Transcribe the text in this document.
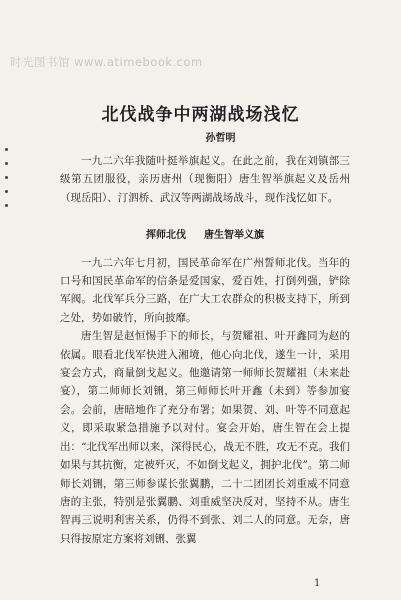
时光图书馆 www.atimebook.com
北伐战争中两湖战场浅忆
孙哲明

一九二六年我随叶挺举旗起义。在此之前，我在刘镇部三级第五团服役，亲历唐州（现衡阳）唐生智举旗起义及岳州（现岳阳）、汀泗桥、武汉等两湖战场战斗，现作浅忆如下。

挥师北伐 唐生智举义旗

一九二六年七月初，国民革命军在广州誓师北伐。当年的口号和国民革命军的信条是爱国家，爱百姓，打倒列强，铲除军阀。北伐军兵分三路，在广大工农群众的积极支持下，所到之处，势如破竹，所向披靡。

唐生智是赵恒惕手下的师长，与贺耀祖、叶开鑫同为赵的依属。眼看北伐军快进入湘境，他心向北伐，遂生一计，采用宴会方式，商量倒戈起义。他邀请第一师师长贺耀祖（未来赴宴），第二师师长刘铏，第三师师长叶开鑫（未到）等参加宴会。会前，唐暗地作了充分布署；如果贺、刘、叶等不同意起义，即采取紧急措施予以对付。宴会开始，唐生智在会上提出：“北伐军出师以来，深得民心，战无不胜，攻无不克。我们如果与其抗衡，定被歼灭，不如倒戈起义，拥护北伐”。第二师师长刘铏，第三师参谋长张翼鹏，二十二团团长刘重威不同意唐的主张，特别是张翼鹏、刘重威坚决反对，坚持不从。唐生智再三说明利害关系，仍得不到张、刘二人的同意。无奈，唐只得按原定方案将刘铏、张翼

1
